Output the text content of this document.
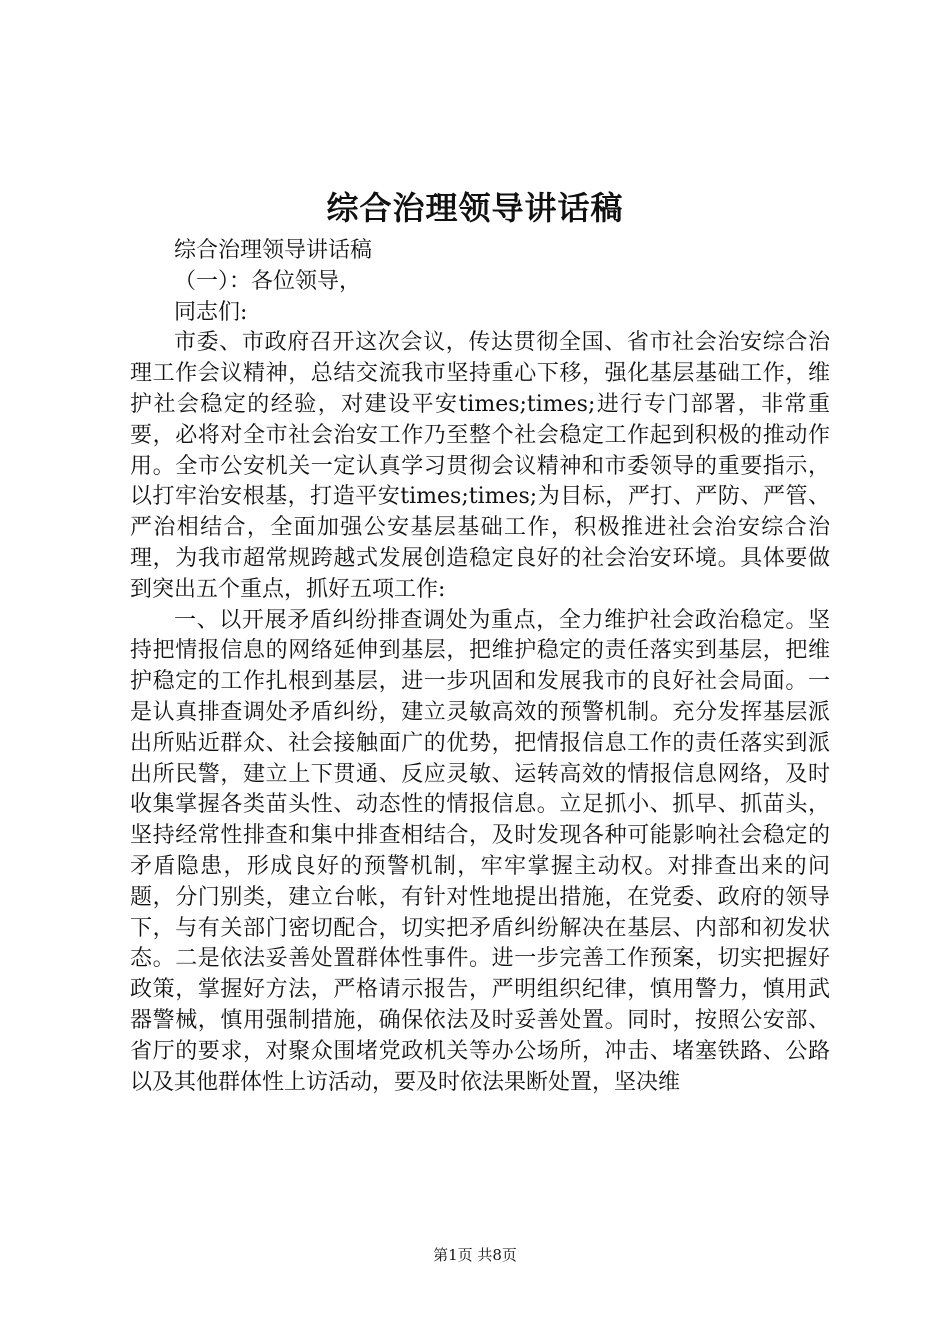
综合治理领导讲话稿

综合治理领导讲话稿

（一）：各位领导，

同志们:

市委、市政府召开这次会议，传达贯彻全国、省市社会治安综合治理工作会议精神，总结交流我市坚持重心下移，强化基层基础工作，维护社会稳定的经验，对建设平安times;times;进行专门部署，非常重要，必将对全市社会治安工作乃至整个社会稳定工作起到积极的推动作用。全市公安机关一定认真学习贯彻会议精神和市委领导的重要指示，以打牢治安根基，打造平安times;times;为目标，严打、严防、严管、严治相结合，全面加强公安基层基础工作，积极推进社会治安综合治理，为我市超常规跨越式发展创造稳定良好的社会治安环境。具体要做到突出五个重点，抓好五项工作:

一、以开展矛盾纠纷排查调处为重点，全力维护社会政治稳定。坚持把情报信息的网络延伸到基层，把维护稳定的责任落实到基层，把维护稳定的工作扎根到基层，进一步巩固和发展我市的良好社会局面。一是认真排查调处矛盾纠纷，建立灵敏高效的预警机制。充分发挥基层派出所贴近群众、社会接触面广的优势，把情报信息工作的责任落实到派出所民警，建立上下贯通、反应灵敏、运转高效的情报信息网络，及时收集掌握各类苗头性、动态性的情报信息。立足抓小、抓早、抓苗头，坚持经常性排查和集中排查相结合，及时发现各种可能影响社会稳定的矛盾隐患，形成良好的预警机制，牢牢掌握主动权。对排查出来的问题，分门别类，建立台帐，有针对性地提出措施，在党委、政府的领导下，与有关部门密切配合，切实把矛盾纠纷解决在基层、内部和初发状态。二是依法妥善处置群体性事件。进一步完善工作预案，切实把握好政策，掌握好方法，严格请示报告，严明组织纪律，慎用警力，慎用武器警械，慎用强制措施，确保依法及时妥善处置。同时，按照公安部、省厅的要求，对聚众围堵党政机关等办公场所，冲击、堵塞铁路、公路以及其他群体性上访活动，要及时依法果断处置，坚决维

第1页 共8页
